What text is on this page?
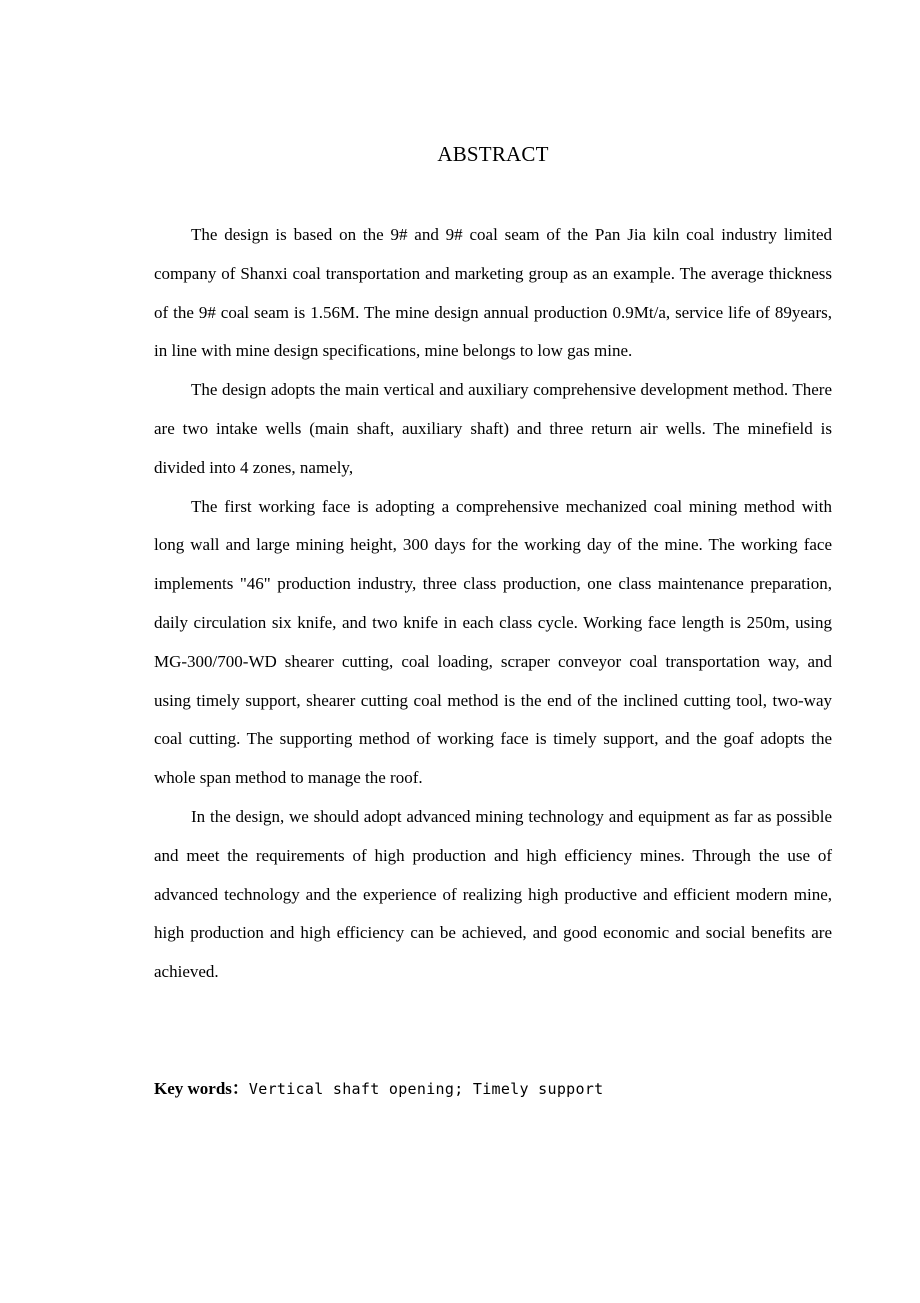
ABSTRACT

The design is based on the 9# and 9# coal seam of the Pan Jia kiln coal industry limited company of Shanxi coal transportation and marketing group as an example. The average thickness of the 9# coal seam is 1.56M. The mine design annual production 0.9Mt/a, service life of 89years, in line with mine design specifications, mine belongs to low gas mine.

The design adopts the main vertical and auxiliary comprehensive development method. There are two intake wells (main shaft, auxiliary shaft) and three return air wells. The minefield is divided into 4 zones, namely,

The first working face is adopting a comprehensive mechanized coal mining method with long wall and large mining height, 300 days for the working day of the mine. The working face implements "46" production industry, three class production, one class maintenance preparation, daily circulation six knife, and two knife in each class cycle. Working face length is 250m, using MG-300/700-WD shearer cutting, coal loading, scraper conveyor coal transportation way, and using timely support, shearer cutting coal method is the end of the inclined cutting tool, two-way coal cutting. The supporting method of working face is timely support, and the goaf adopts the whole span method to manage the roof.

In the design, we should adopt advanced mining technology and equipment as far as possible and meet the requirements of high production and high efficiency mines. Through the use of advanced technology and the experience of realizing high productive and efficient modern mine, high production and high efficiency can be achieved, and good economic and social benefits are achieved.

Key words：Vertical shaft opening; Timely support
